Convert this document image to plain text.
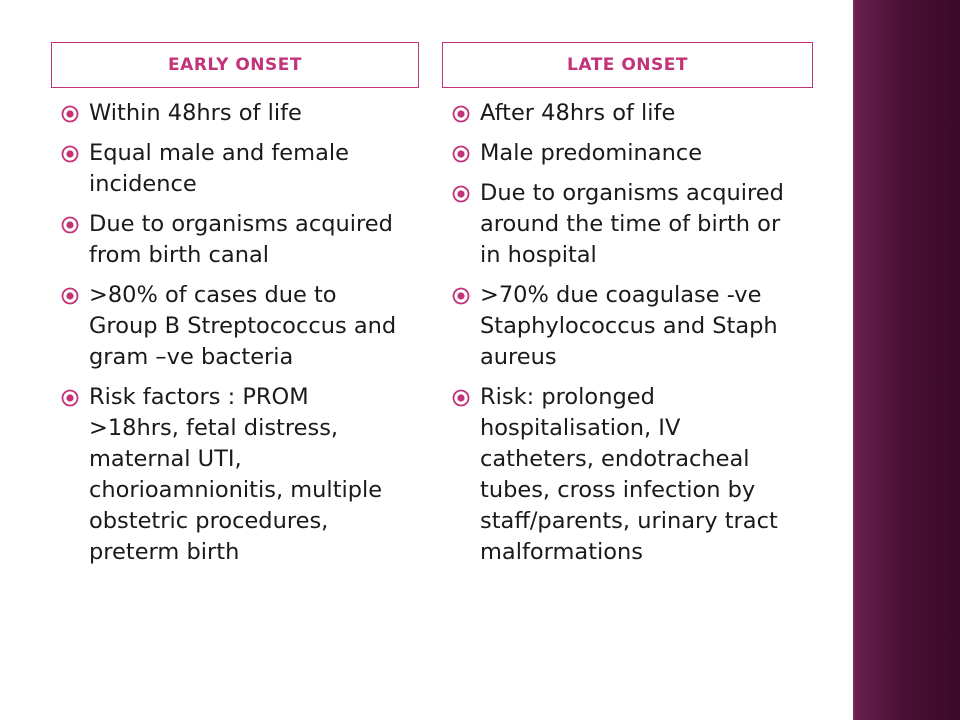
EARLY ONSET	LATE ONSET
Within 48hrs of life
Equal male and female incidence
Due to organisms acquired from birth canal
>80% of cases due to Group B Streptococcus and gram –ve bacteria
Risk factors : PROM >18hrs, fetal distress, maternal UTI, chorioamnionitis, multiple obstetric procedures, preterm birth
After 48hrs of life
Male predominance
Due to organisms acquired around the time of birth or in hospital
>70% due coagulase -ve Staphylococcus and Staph aureus
Risk: prolonged hospitalisation, IV catheters, endotracheal tubes, cross infection by staff/parents, urinary tract malformations
